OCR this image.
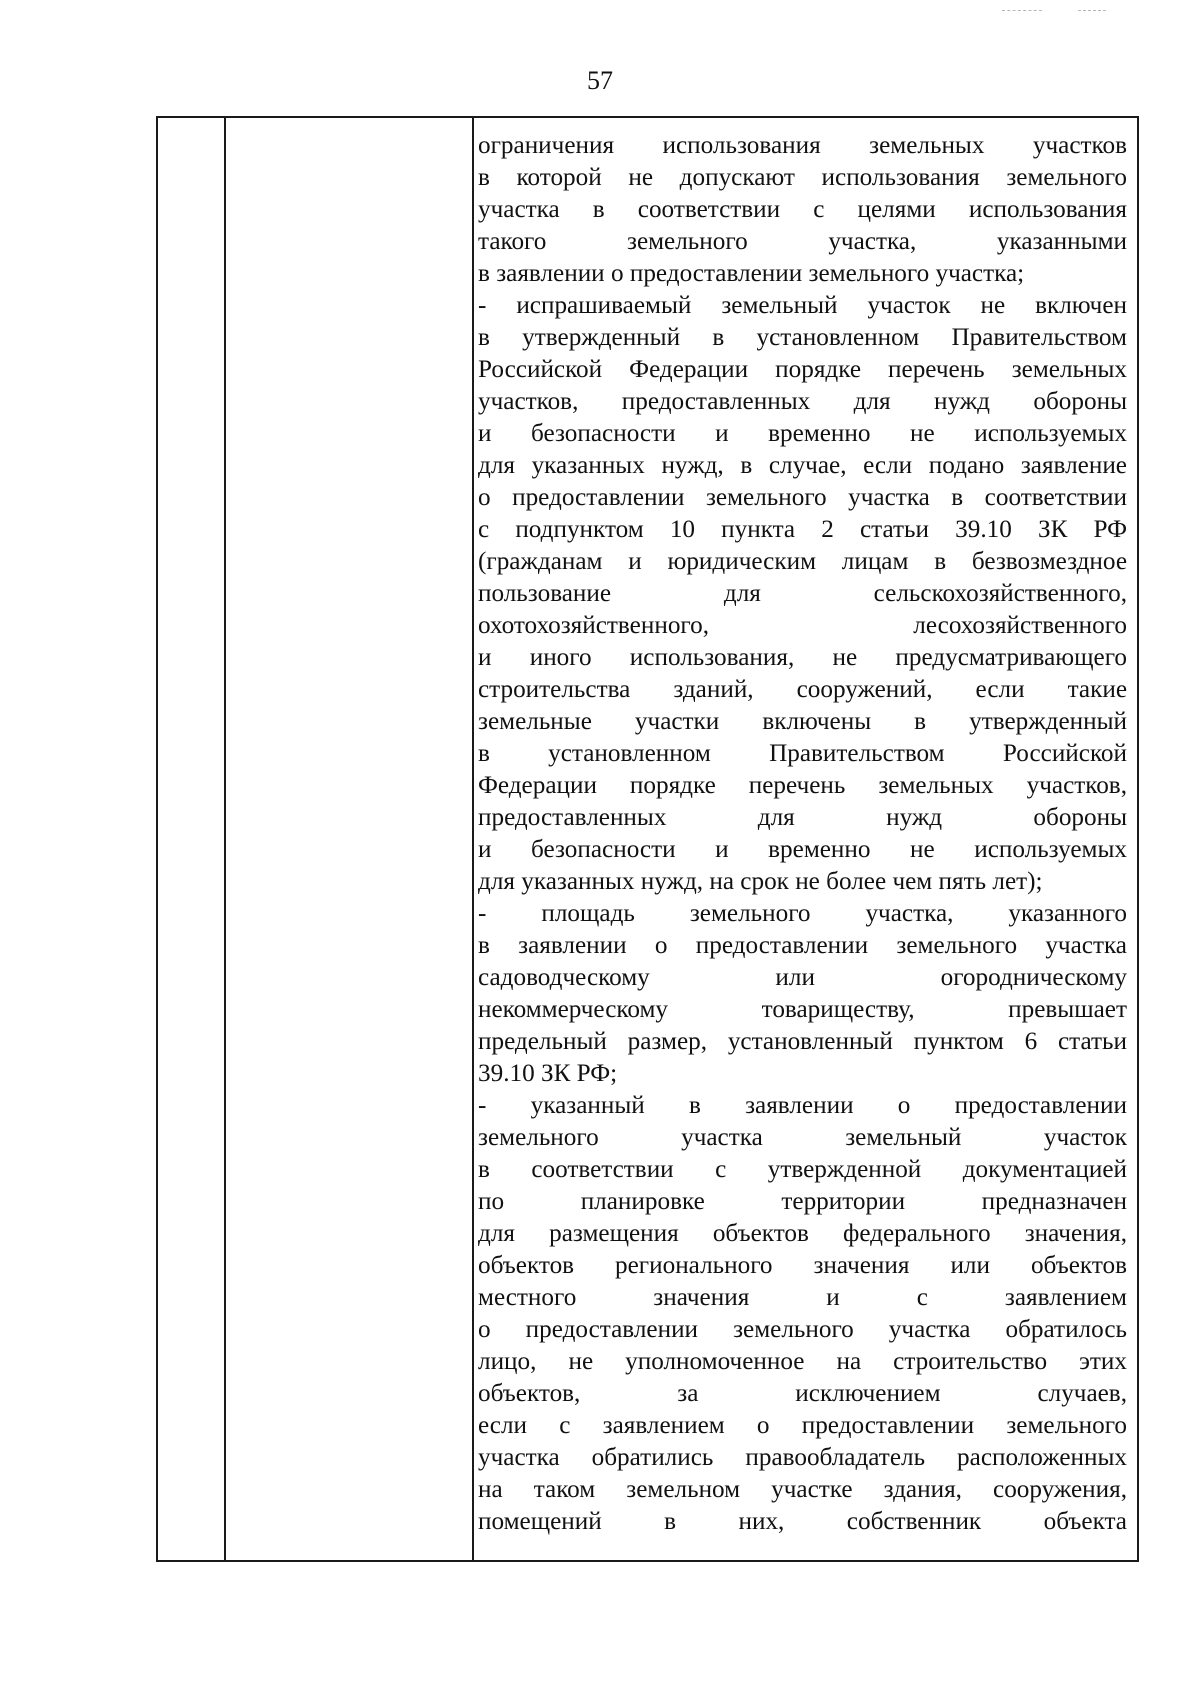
57
ограничения использования земельных участков
в которой не допускают использования земельного
участка в соответствии с целями использования
такого земельного участка, указанными
в заявлении о предоставлении земельного участка;
- испрашиваемый земельный участок не включен
в утвержденный в установленном Правительством
Российской Федерации порядке перечень земельных
участков, предоставленных для нужд обороны
и безопасности и временно не используемых
для указанных нужд, в случае, если подано заявление
о предоставлении земельного участка в соответствии
с подпунктом 10 пункта 2 статьи 39.10 ЗК РФ
(гражданам и юридическим лицам в безвозмездное
пользование для сельскохозяйственного,
охотохозяйственного, лесохозяйственного
и иного использования, не предусматривающего
строительства зданий, сооружений, если такие
земельные участки включены в утвержденный
в установленном Правительством Российской
Федерации порядке перечень земельных участков,
предоставленных для нужд обороны
и безопасности и временно не используемых
для указанных нужд, на срок не более чем пять лет);
- площадь земельного участка, указанного
в заявлении о предоставлении земельного участка
садоводческому или огородническому
некоммерческому товариществу, превышает
предельный размер, установленный пунктом 6 статьи
39.10 ЗК РФ;
- указанный в заявлении о предоставлении
земельного участка земельный участок
в соответствии с утвержденной документацией
по планировке территории предназначен
для размещения объектов федерального значения,
объектов регионального значения или объектов
местного значения и с заявлением
о предоставлении земельного участка обратилось
лицо, не уполномоченное на строительство этих
объектов, за исключением случаев,
если с заявлением о предоставлении земельного
участка обратились правообладатель расположенных
на таком земельном участке здания, сооружения,
помещений в них, собственник объекта
